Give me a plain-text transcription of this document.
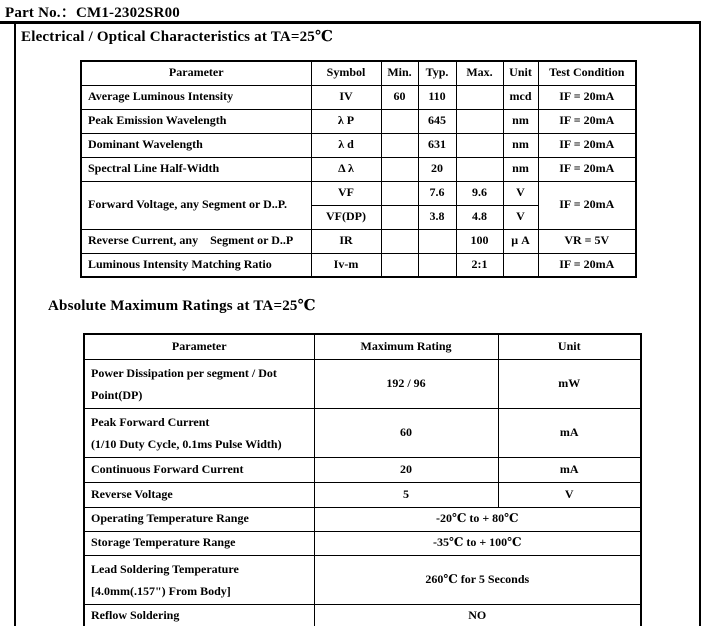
Part No.：CM1-2302SR00
Electrical / Optical Characteristics at TA=25℃
Parameter	Symbol	Min.	Typ.	Max.	Unit	Test Condition
Average Luminous Intensity	IV	60	110		mcd	IF = 20mA
Peak Emission Wavelength	λ P		645		nm	IF = 20mA
Dominant Wavelength	λ d		631		nm	IF = 20mA
Spectral Line Half-Width	Δ λ		20		nm	IF = 20mA
Forward Voltage, any Segment or D..P.	VF		7.6	9.6	V	IF = 20mA
	VF(DP)		3.8	4.8	V	
Reverse Current, any    Segment or D..P	IR			100	μ A	VR = 5V
Luminous Intensity Matching Ratio	Iv-m			2:1		IF = 20mA
Absolute Maximum Ratings at TA=25℃
Parameter	Maximum Rating	Unit

Power Dissipation per segment / Dot
Point(DP)	192 / 96	mW

Peak Forward Current
(1/10 Duty Cycle, 0.1ms Pulse Width)	60	mA
Continuous Forward Current	20	mA
Reverse Voltage	5	V
Operating Temperature Range	-20℃ to + 80℃	
Storage Temperature Range	-35℃ to + 100℃	

Lead Soldering Temperature
[4.0mm(.157") From Body]	260℃ for 5 Seconds	
Reflow Soldering	NO	
